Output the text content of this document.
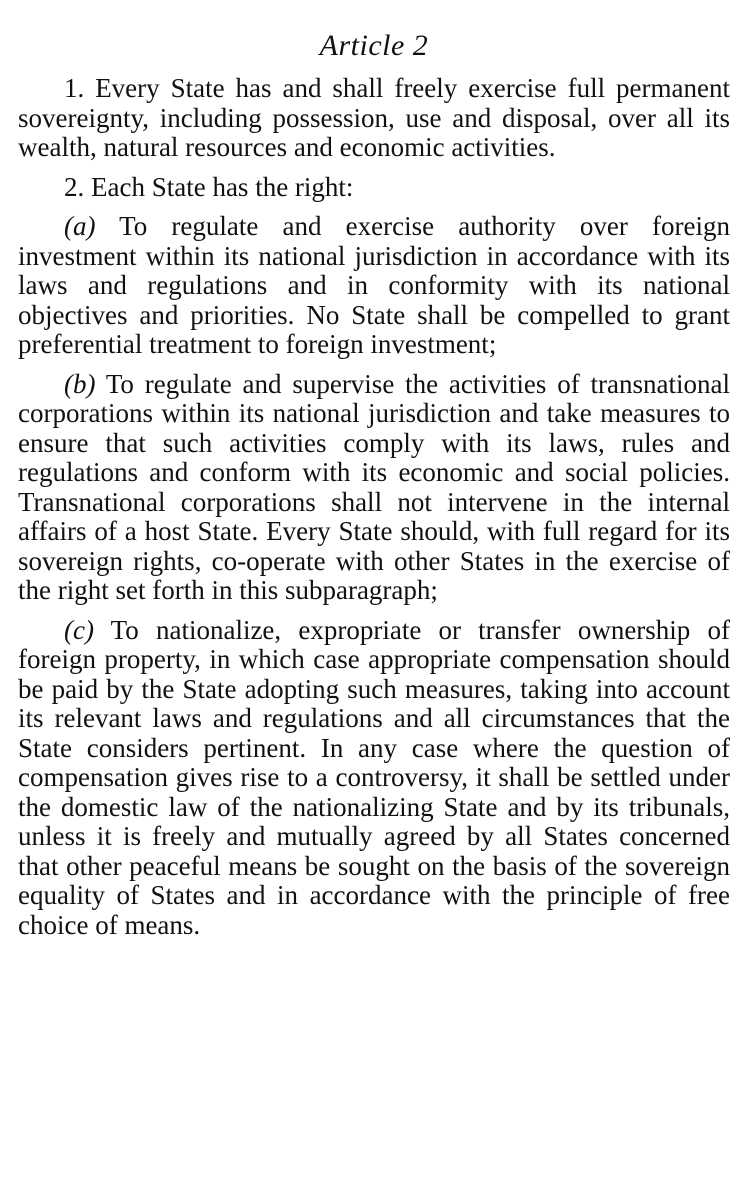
Article 2

1. Every State has and shall freely exercise full permanent sovereignty, including possession, use and disposal, over all its wealth, natural resources and economic activities.

2. Each State has the right:

(a) To regulate and exercise authority over foreign investment within its national jurisdiction in accordance with its laws and regulations and in conformity with its national objectives and priorities. No State shall be compelled to grant preferential treatment to foreign investment;

(b) To regulate and supervise the activities of transnational corporations within its national jurisdiction and take measures to ensure that such activities comply with its laws, rules and regulations and conform with its economic and social policies. Transnational corporations shall not intervene in the internal affairs of a host State. Every State should, with full regard for its sovereign rights, co-operate with other States in the exercise of the right set forth in this subparagraph;

(c) To nationalize, expropriate or transfer ownership of foreign property, in which case appropriate compensation should be paid by the State adopting such measures, taking into account its relevant laws and regulations and all circumstances that the State considers pertinent. In any case where the question of compensation gives rise to a controversy, it shall be settled under the domestic law of the nationalizing State and by its tribunals, unless it is freely and mutually agreed by all States concerned that other peaceful means be sought on the basis of the sovereign equality of States and in accordance with the principle of free choice of means.
